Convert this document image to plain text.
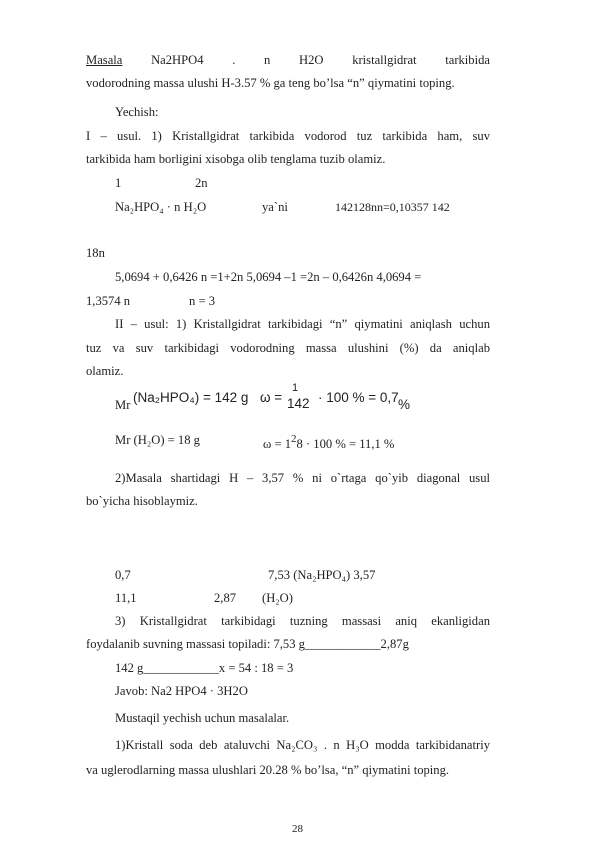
Masala Na2HPO4 . n H2O kristallgidrat tarkibida
vodorodning massa ulushi H-3.57 % ga teng bo’lsa “n” qiymatini toping.
Yechish:
I – usul. 1) Kristallgidrat tarkibida vodorod tuz tarkibida ham, suv
tarkibida ham borligini xisobga olib tenglama tuzib olamiz.
1	2n
Na₂HPO₄ · n H₂O	ya`ni	142128nn=0,10357 142
18n
5,0694 + 0,6426 n =1+2n 5,0694 –1 =2n – 0,6426n 4,0694 =
1,3574 n	n = 3
II – usul: 1) Kristallgidrat tarkibidagi “n” qiymatini aniqlash uchun
tuz va suv tarkibidagi vodorodning massa ulushini (%) da aniqlab
olamiz.
Mr (Na₂HPO₄) = 142 g ω =
1
142 · 100 % = 0,7 %
Mr (H₂O) = 18 g	$\omega = 1^28 \cdot 100$ % = 11,1 %
2)Masala shartidagi H – 3,57 % ni o`rtaga qo`yib diagonal usul
bo`yicha hisoblaymiz.
0,7	7,53 (Na₂HPO₄) 3,57
11,1	2,87 (H₂O)
3) Kristallgidrat tarkibidagi tuzning massasi aniq ekanligidan
foydalanib suvning massasi topiladi: 7,53 g____________2,87g
142 g____________x = 54 : 18 = 3
Javob: Na2 HPO4 · 3H2O
Mustaqil yechish uchun masalalar.
1)Kristall soda deb ataluvchi Na₂CO₃ . n H₃O modda tarkibidanatriy
va uglerodlarning massa ulushlari 20.28 % bo’lsa, “n” qiymatini toping.
28
